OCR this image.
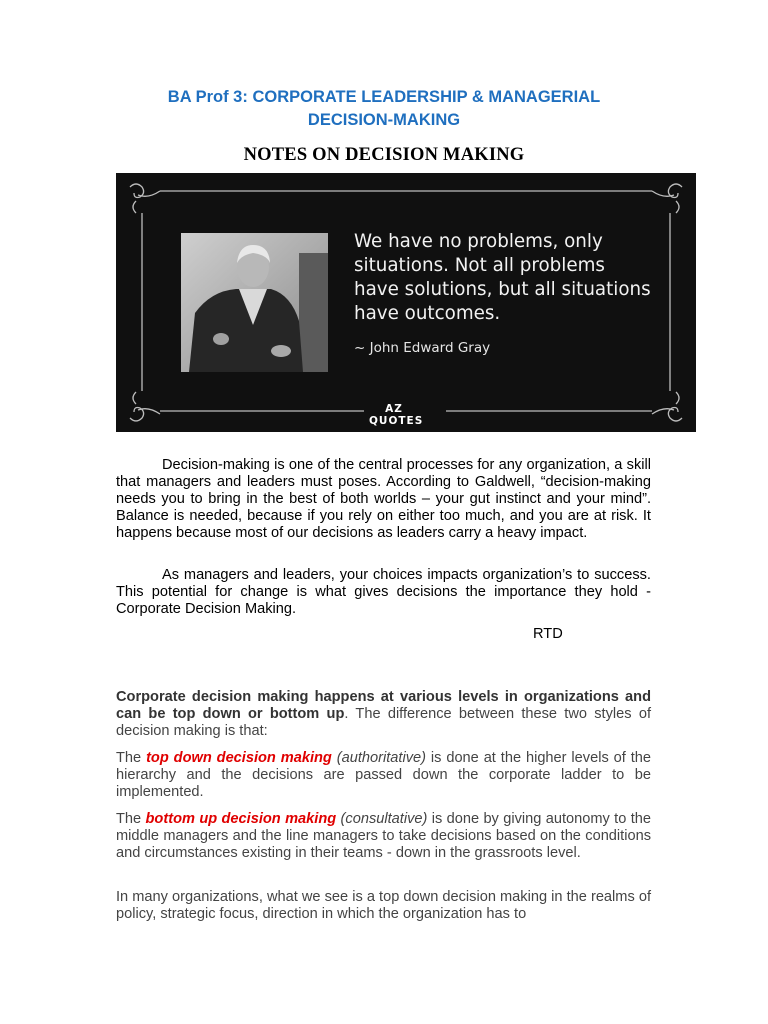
BA Prof 3: CORPORATE LEADERSHIP & MANAGERIAL
DECISION-MAKING
NOTES ON DECISION MAKING
We have no problems, only
situations. Not all problems
have solutions, but all situations
have outcomes.
~ John Edward Gray
AZ QUOTES

Decision-making is one of the central processes for any organization, a skill that managers and leaders must poses. According to Galdwell, “decision-making needs you to bring in the best of both worlds – your gut instinct and your mind”. Balance is needed, because if you rely on either too much, and you are at risk. It happens because most of our decisions as leaders carry a heavy impact.

As managers and leaders, your choices impacts organization’s to success. This potential for change is what gives decisions the importance they hold - Corporate Decision Making.

RTD

Corporate decision making happens at various levels in organizations and can be top down or bottom up. The difference between these two styles of decision making is that:

The top down decision making (authoritative) is done at the higher levels of the hierarchy and the decisions are passed down the corporate ladder to be implemented.

The bottom up decision making (consultative) is done by giving autonomy to the middle managers and the line managers to take decisions based on the conditions and circumstances existing in their teams - down in the grassroots level.

In many organizations, what we see is a top down decision making in the realms of policy, strategic focus, direction in which the organization has to
